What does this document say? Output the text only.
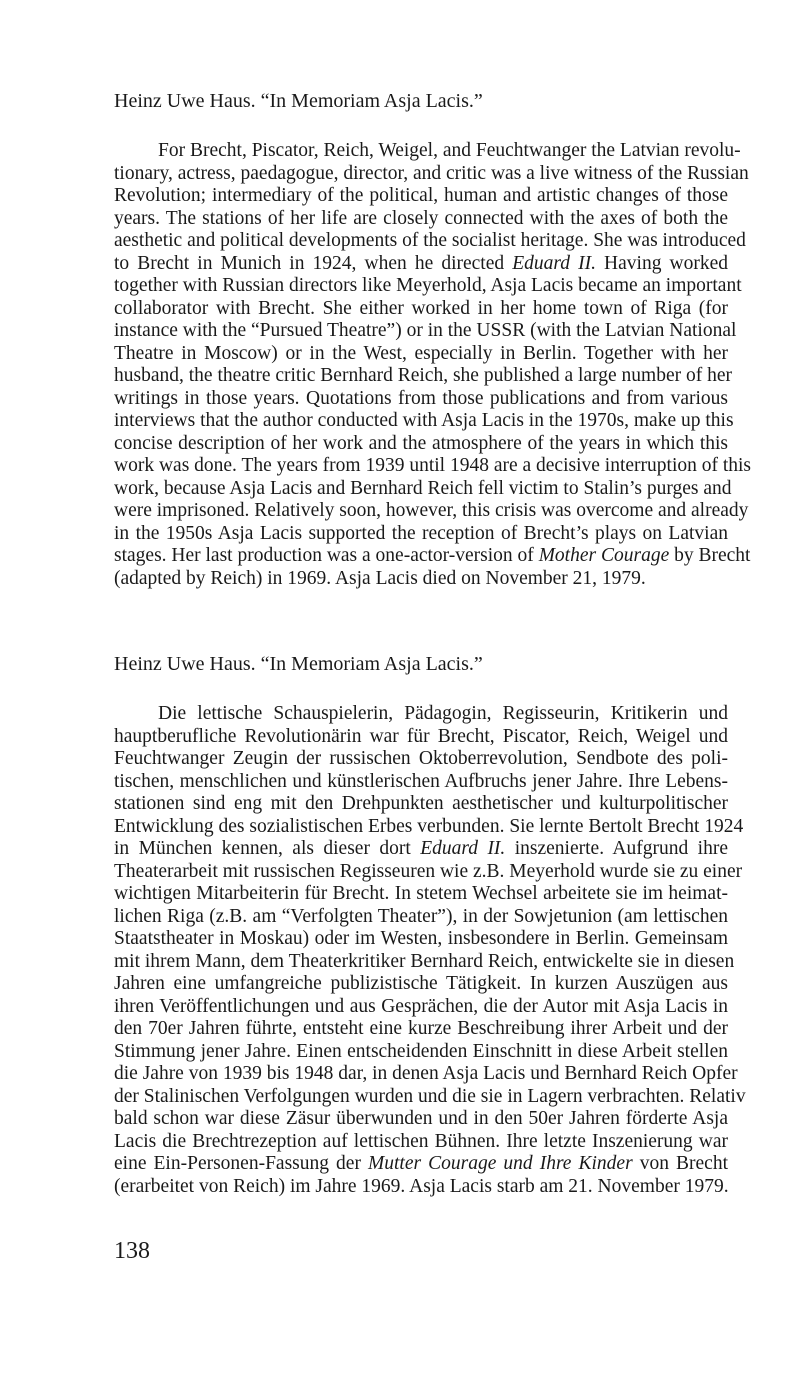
Heinz Uwe Haus. “In Memoriam Asja Lacis.”
For Brecht, Piscator, Reich, Weigel, and Feuchtwanger the Latvian revolu-
tionary, actress, paedagogue, director, and critic was a live witness of the Russian
Revolution; intermediary of the political, human and artistic changes of those
years. The stations of her life are closely connected with the axes of both the
aesthetic and political developments of the socialist heritage. She was introduced
to Brecht in Munich in 1924, when he directed Eduard II. Having worked
together with Russian directors like Meyerhold, Asja Lacis became an important
collaborator with Brecht. She either worked in her home town of Riga (for
instance with the “Pursued Theatre”) or in the USSR (with the Latvian National
Theatre in Moscow) or in the West, especially in Berlin. Together with her
husband, the theatre critic Bernhard Reich, she published a large number of her
writings in those years. Quotations from those publications and from various
interviews that the author conducted with Asja Lacis in the 1970s, make up this
concise description of her work and the atmosphere of the years in which this
work was done. The years from 1939 until 1948 are a decisive interruption of this
work, because Asja Lacis and Bernhard Reich fell victim to Stalin’s purges and
were imprisoned. Relatively soon, however, this crisis was overcome and already
in the 1950s Asja Lacis supported the reception of Brecht’s plays on Latvian
stages. Her last production was a one-actor-version of Mother Courage by Brecht
(adapted by Reich) in 1969. Asja Lacis died on November 21, 1979.
Heinz Uwe Haus. “In Memoriam Asja Lacis.”
Die lettische Schauspielerin, Pädagogin, Regisseurin, Kritikerin und
hauptberufliche Revolutionärin war für Brecht, Piscator, Reich, Weigel und
Feuchtwanger Zeugin der russischen Oktoberrevolution, Sendbote des poli-
tischen, menschlichen und künstlerischen Aufbruchs jener Jahre. Ihre Lebens-
stationen sind eng mit den Drehpunkten aesthetischer und kulturpolitischer
Entwicklung des sozialistischen Erbes verbunden. Sie lernte Bertolt Brecht 1924
in München kennen, als dieser dort Eduard II. inszenierte. Aufgrund ihre
Theaterarbeit mit russischen Regisseuren wie z.B. Meyerhold wurde sie zu einer
wichtigen Mitarbeiterin für Brecht. In stetem Wechsel arbeitete sie im heimat-
lichen Riga (z.B. am “Verfolgten Theater”), in der Sowjetunion (am lettischen
Staatstheater in Moskau) oder im Westen, insbesondere in Berlin. Gemeinsam
mit ihrem Mann, dem Theaterkritiker Bernhard Reich, entwickelte sie in diesen
Jahren eine umfangreiche publizistische Tätigkeit. In kurzen Auszügen aus
ihren Veröffentlichungen und aus Gesprächen, die der Autor mit Asja Lacis in
den 70er Jahren führte, entsteht eine kurze Beschreibung ihrer Arbeit und der
Stimmung jener Jahre. Einen entscheidenden Einschnitt in diese Arbeit stellen
die Jahre von 1939 bis 1948 dar, in denen Asja Lacis und Bernhard Reich Opfer
der Stalinischen Verfolgungen wurden und die sie in Lagern verbrachten. Relativ
bald schon war diese Zäsur überwunden und in den 50er Jahren förderte Asja
Lacis die Brechtrezeption auf lettischen Bühnen. Ihre letzte Inszenierung war
eine Ein-Personen-Fassung der Mutter Courage und Ihre Kinder von Brecht
(erarbeitet von Reich) im Jahre 1969. Asja Lacis starb am 21. November 1979.
138
